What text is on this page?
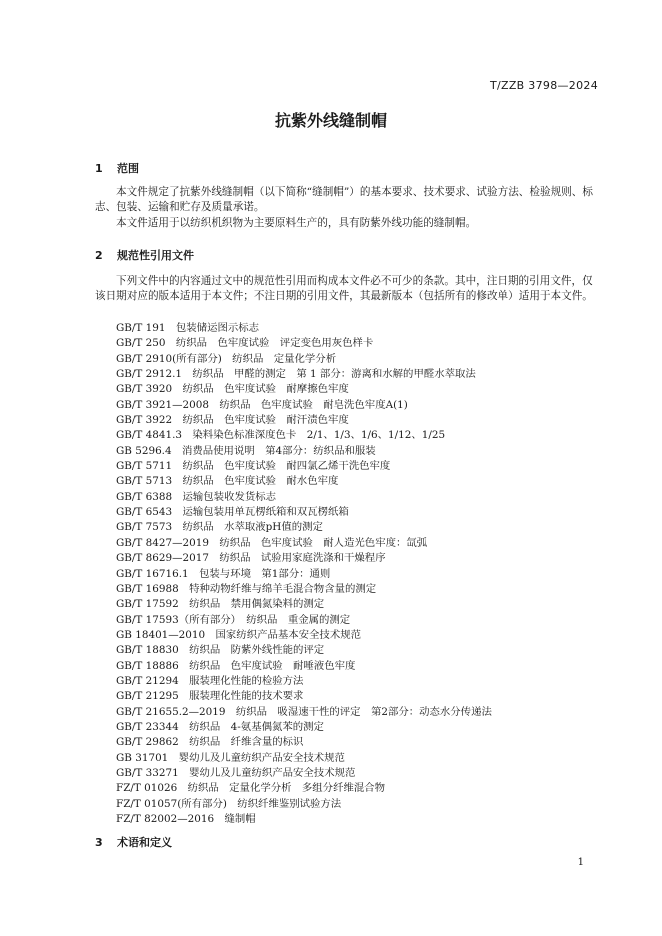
T/ZZB 3798—2024
抗紫外线缝制帽
1 范围

本文件规定了抗紫外线缝制帽（以下简称“缝制帽”）的基本要求、技术要求、试验方法、检验规则、标志、包装、运输和贮存及质量承诺。

本文件适用于以纺织机织物为主要原料生产的，具有防紫外线功能的缝制帽。

2 规范性引用文件

下列文件中的内容通过文中的规范性引用而构成本文件必不可少的条款。其中，注日期的引用文件，仅该日期对应的版本适用于本文件；不注日期的引用文件，其最新版本（包括所有的修改单）适用于本文件。

GB/T 191　包装储运图示标志
GB/T 250　纺织品　色牢度试验　评定变色用灰色样卡
GB/T 2910(所有部分)　纺织品　定量化学分析
GB/T 2912.1　纺织品　甲醛的测定　第 1 部分：游离和水解的甲醛水萃取法
GB/T 3920　纺织品　色牢度试验　耐摩擦色牢度
GB/T 3921—2008　纺织品　色牢度试验　耐皂洗色牢度A(1)
GB/T 3922　纺织品　色牢度试验　耐汗渍色牢度
GB/T 4841.3　染料染色标准深度色卡　2/1、1/3、1/6、1/12、1/25
GB 5296.4　消费品使用说明　第4部分：纺织品和服装
GB/T 5711　纺织品　色牢度试验　耐四氯乙烯干洗色牢度
GB/T 5713　纺织品　色牢度试验　耐水色牢度
GB/T 6388　运输包装收发货标志
GB/T 6543　运输包装用单瓦楞纸箱和双瓦楞纸箱
GB/T 7573　纺织品　水萃取液pH值的测定
GB/T 8427—2019　纺织品　色牢度试验　耐人造光色牢度：氙弧
GB/T 8629—2017　纺织品　试验用家庭洗涤和干燥程序
GB/T 16716.1　包装与环境　第1部分：通则
GB/T 16988　特种动物纤维与绵羊毛混合物含量的测定
GB/T 17592　纺织品　禁用偶氮染料的测定
GB/T 17593（所有部分）　纺织品　重金属的测定
GB 18401—2010　国家纺织产品基本安全技术规范
GB/T 18830　纺织品　防紫外线性能的评定
GB/T 18886　纺织品　色牢度试验　耐唾液色牢度
GB/T 21294　服装理化性能的检验方法
GB/T 21295　服装理化性能的技术要求
GB/T 21655.2—2019　纺织品　吸湿速干性的评定　第2部分：动态水分传递法
GB/T 23344　纺织品　4-氨基偶氮苯的测定
GB/T 29862　纺织品　纤维含量的标识
GB 31701　婴幼儿及儿童纺织产品安全技术规范
GB/T 33271　婴幼儿及儿童纺织产品安全技术规范
FZ/T 01026　纺织品　定量化学分析　多组分纤维混合物
FZ/T 01057(所有部分)　纺织纤维鉴别试验方法
FZ/T 82002—2016　缝制帽
3 术语和定义
1
